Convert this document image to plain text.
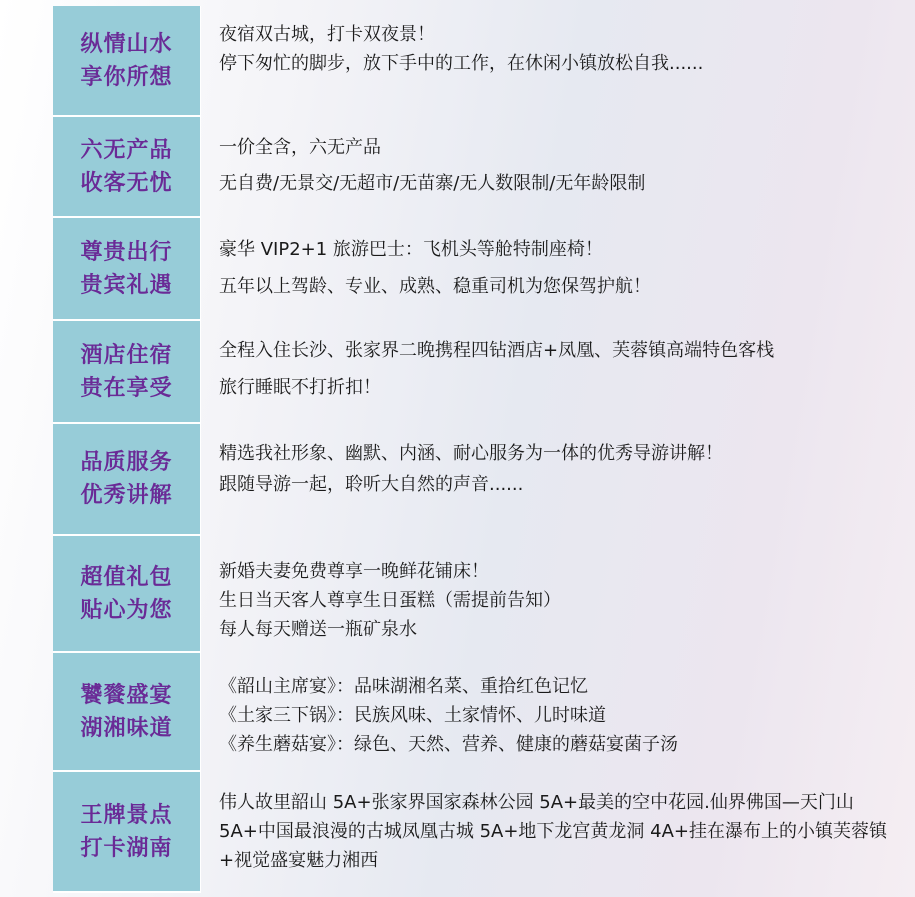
纵情山水
享你所想
夜宿双古城，打卡双夜景！
停下匆忙的脚步，放下手中的工作，在休闲小镇放松自我......
六无产品
收客无忧
一价全含，六无产品
无自费/无景交/无超市/无苗寨/无人数限制/无年龄限制
尊贵出行
贵宾礼遇
豪华 VIP2+1 旅游巴士：飞机头等舱特制座椅！
五年以上驾龄、专业、成熟、稳重司机为您保驾护航！
酒店住宿
贵在享受
全程入住长沙、张家界二晚携程四钻酒店+凤凰、芙蓉镇高端特色客栈
旅行睡眠不打折扣！
品质服务
优秀讲解
精选我社形象、幽默、内涵、耐心服务为一体的优秀导游讲解！
跟随导游一起，聆听大自然的声音......
超值礼包
贴心为您
新婚夫妻免费尊享一晚鲜花铺床！
生日当天客人尊享生日蛋糕（需提前告知）
每人每天赠送一瓶矿泉水
饕餮盛宴
湖湘味道
《韶山主席宴》：品味湖湘名菜、重拾红色记忆
《土家三下锅》：民族风味、土家情怀、儿时味道
《养生蘑菇宴》：绿色、天然、营养、健康的蘑菇宴菌子汤
王牌景点
打卡湖南
伟人故里韶山 5A+张家界国家森林公园 5A+最美的空中花园.仙界佛国—天门山 5A+中国最浪漫的古城凤凰古城 5A+地下龙宫黄龙洞 4A+挂在瀑布上的小镇芙蓉镇+视觉盛宴魅力湘西
